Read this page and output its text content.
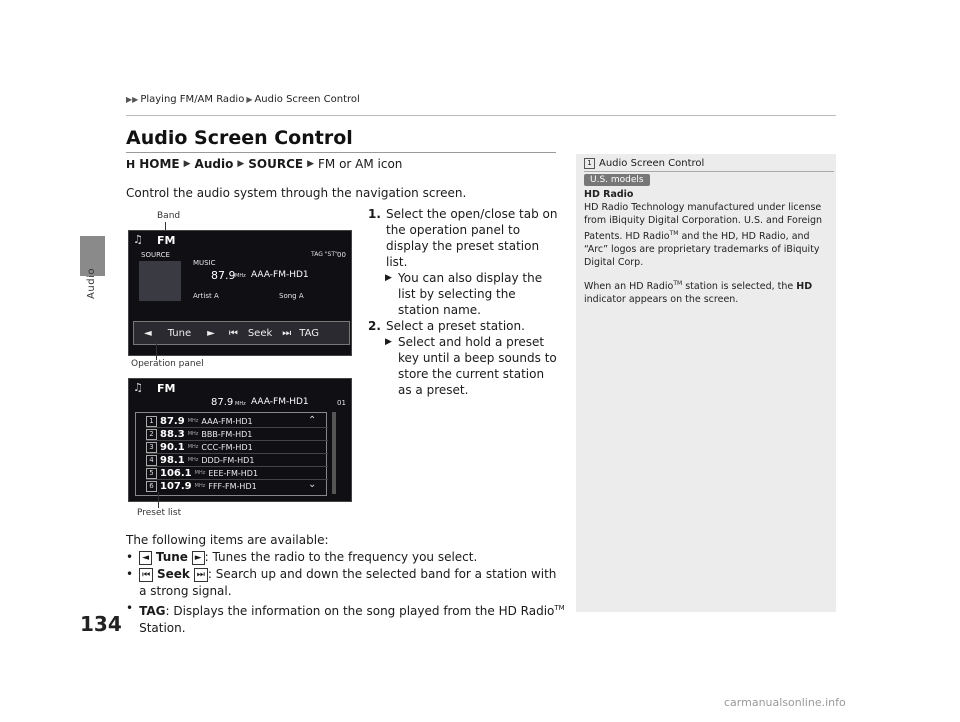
Audio
134
▶▶ Playing FM/AM Radio ▶ Audio Screen Control
Audio Screen Control
H HOME ▶ Audio ▶ SOURCE ▶ FM or AM icon
Control the audio system through the navigation screen.
1. Select the open/close tab on the operation panel to display the preset station list.
▶ You can also display the list by selecting the station name.
2. Select a preset station.
▶ Select and hold a preset key until a beep sounds to store the current station as a preset.
Band
♫ FM
SOURCE	TAG "ST" 00
MUSIC
87.9 MHz AAA-FM-HD1
Artist A	Song A
◄ Tune ► ⏮ Seek ⏭ TAG
Operation panel
♫ FM
87.9 MHz AAA-FM-HD1	01
1 87.9 MHz AAA-FM-HD1
2 88.3 MHz BBB-FM-HD1
3 90.1 MHz CCC-FM-HD1
4 98.1 MHz DDD-FM-HD1
5 106.1 MHz EEE-FM-HD1
6 107.9 MHz FFF-FM-HD1
⌃
⌄
Preset list
The following items are available:
•	◄ Tune ► : Tunes the radio to the frequency you select.
•	⏮ Seek ⏭ : Search up and down the selected band for a station with a strong signal.
• TAG: Displays the information on the song played from the HD Radio™ Station.
1 Audio Screen Control
U.S. models
HD Radio

HD Radio Technology manufactured under license from iBiquity Digital Corporation. U.S. and Foreign Patents. HD Radio™ and the HD, HD Radio, and “Arc” logos are proprietary trademarks of iBiquity Digital Corp.

When an HD Radio™ station is selected, the HD indicator appears on the screen.

carmanualsonline.info
